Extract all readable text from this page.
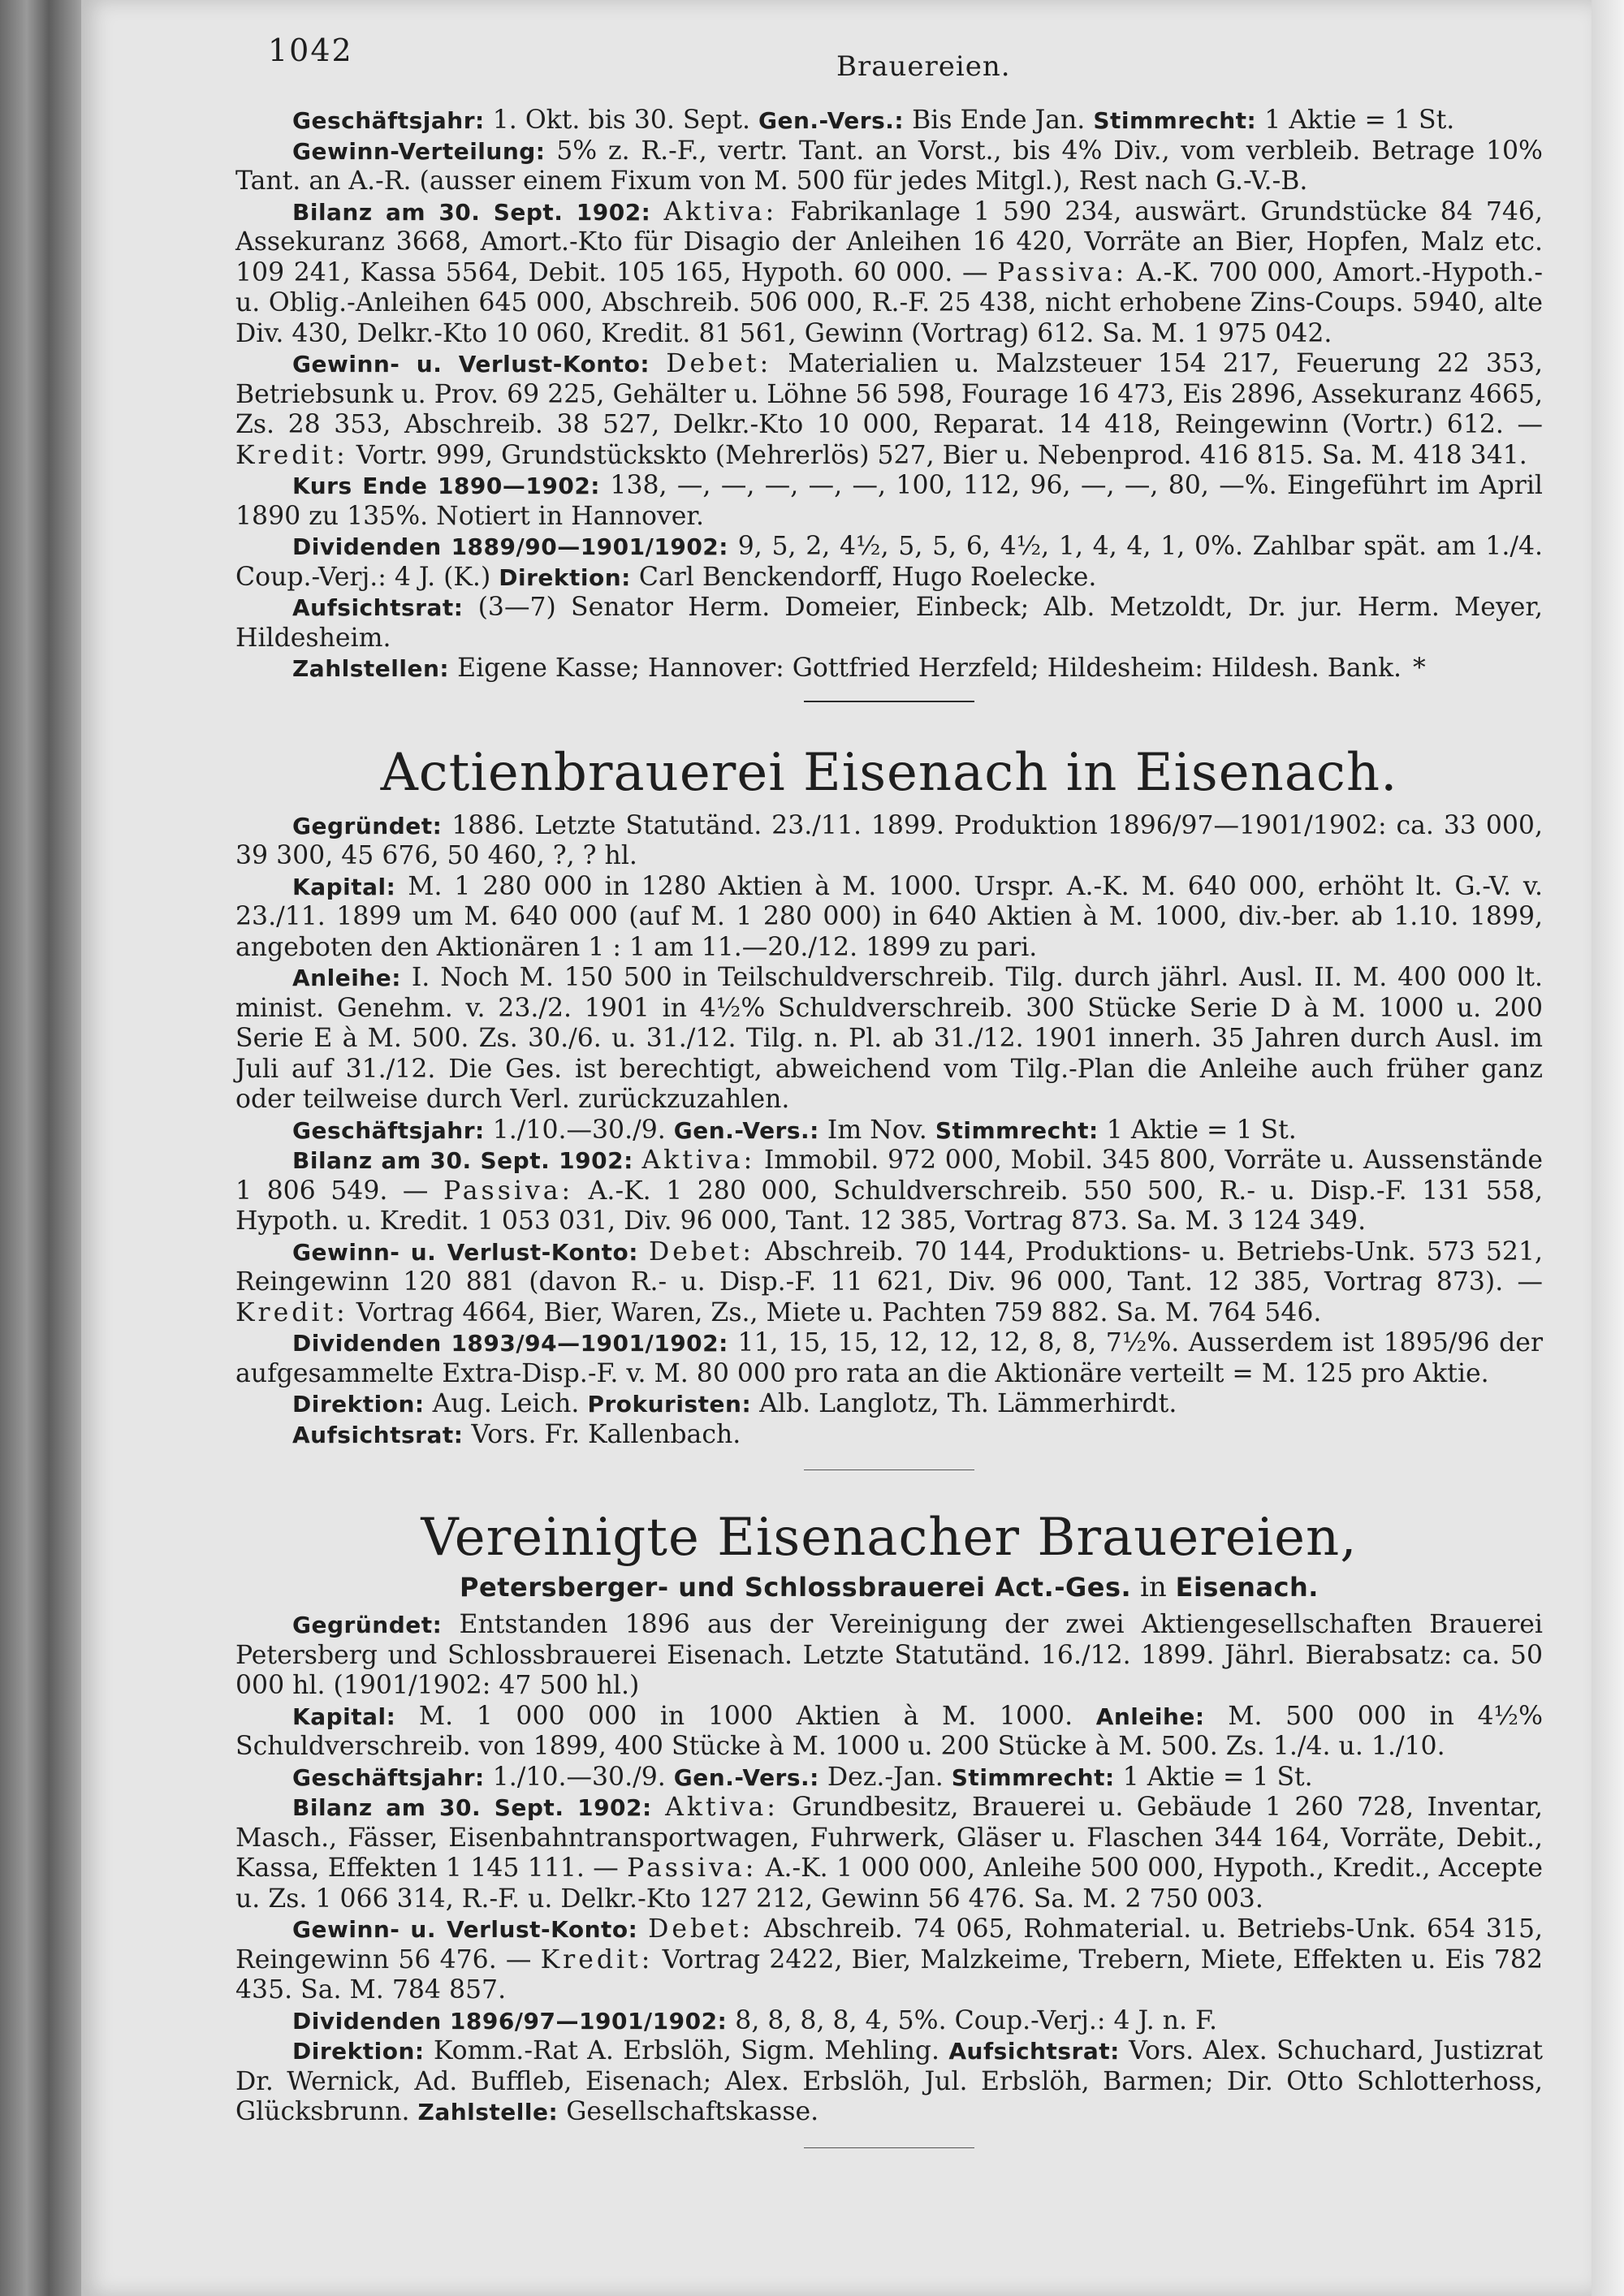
1042	Brauereien.

Geschäftsjahr: 1. Okt. bis 30. Sept. Gen.-Vers.: Bis Ende Jan. Stimmrecht: 1 Aktie = 1 St.

Gewinn-Verteilung: 5% z. R.-F., vertr. Tant. an Vorst., bis 4% Div., vom verbleib. Betrage 10% Tant. an A.-R. (ausser einem Fixum von M. 500 für jedes Mitgl.), Rest nach G.-V.-B.

Bilanz am 30. Sept. 1902: Aktiva: Fabrikanlage 1 590 234, auswärt. Grundstücke 84 746, Assekuranz 3668, Amort.-Kto für Disagio der Anleihen 16 420, Vorräte an Bier, Hopfen, Malz etc. 109 241, Kassa 5564, Debit. 105 165, Hypoth. 60 000. — Passiva: A.-K. 700 000, Amort.-Hypoth.-u. Oblig.-Anleihen 645 000, Abschreib. 506 000, R.-F. 25 438, nicht erhobene Zins-Coups. 5940, alte Div. 430, Delkr.-Kto 10 060, Kredit. 81 561, Gewinn (Vortrag) 612. Sa. M. 1 975 042.

Gewinn- u. Verlust-Konto: Debet: Materialien u. Malzsteuer 154 217, Feuerung 22 353, Betriebsunk u. Prov. 69 225, Gehälter u. Löhne 56 598, Fourage 16 473, Eis 2896, Assekuranz 4665, Zs. 28 353, Abschreib. 38 527, Delkr.-Kto 10 000, Reparat. 14 418, Reingewinn (Vortr.) 612. — Kredit: Vortr. 999, Grundstückskto (Mehrerlös) 527, Bier u. Nebenprod. 416 815. Sa. M. 418 341.

Kurs Ende 1890—1902: 138, —, —, —, —, —, 100, 112, 96, —, —, 80, —%. Eingeführt im April 1890 zu 135%. Notiert in Hannover.

Dividenden 1889/90—1901/1902: 9, 5, 2, 4½, 5, 5, 6, 4½, 1, 4, 4, 1, 0%. Zahlbar spät. am 1./4. Coup.-Verj.: 4 J. (K.) Direktion: Carl Benckendorff, Hugo Roelecke.

Aufsichtsrat: (3—7) Senator Herm. Domeier, Einbeck; Alb. Metzoldt, Dr. jur. Herm. Meyer, Hildesheim.

Zahlstellen: Eigene Kasse; Hannover: Gottfried Herzfeld; Hildesheim: Hildesh. Bank. *

Actienbrauerei Eisenach in Eisenach.

Gegründet: 1886. Letzte Statutänd. 23./11. 1899. Produktion 1896/97—1901/1902: ca. 33 000, 39 300, 45 676, 50 460, ?, ? hl.

Kapital: M. 1 280 000 in 1280 Aktien à M. 1000. Urspr. A.-K. M. 640 000, erhöht lt. G.-V. v. 23./11. 1899 um M. 640 000 (auf M. 1 280 000) in 640 Aktien à M. 1000, div.-ber. ab 1.10. 1899, angeboten den Aktionären 1 : 1 am 11.—20./12. 1899 zu pari.

Anleihe: I. Noch M. 150 500 in Teilschuldverschreib. Tilg. durch jährl. Ausl. II. M. 400 000 lt. minist. Genehm. v. 23./2. 1901 in 4½% Schuldverschreib. 300 Stücke Serie D à M. 1000 u. 200 Serie E à M. 500. Zs. 30./6. u. 31./12. Tilg. n. Pl. ab 31./12. 1901 innerh. 35 Jahren durch Ausl. im Juli auf 31./12. Die Ges. ist berechtigt, abweichend vom Tilg.-Plan die Anleihe auch früher ganz oder teilweise durch Verl. zurückzuzahlen.

Geschäftsjahr: 1./10.—30./9. Gen.-Vers.: Im Nov. Stimmrecht: 1 Aktie = 1 St.

Bilanz am 30. Sept. 1902: Aktiva: Immobil. 972 000, Mobil. 345 800, Vorräte u. Aussenstände 1 806 549. — Passiva: A.-K. 1 280 000, Schuldverschreib. 550 500, R.- u. Disp.-F. 131 558, Hypoth. u. Kredit. 1 053 031, Div. 96 000, Tant. 12 385, Vortrag 873. Sa. M. 3 124 349.

Gewinn- u. Verlust-Konto: Debet: Abschreib. 70 144, Produktions- u. Betriebs-Unk. 573 521, Reingewinn 120 881 (davon R.- u. Disp.-F. 11 621, Div. 96 000, Tant. 12 385, Vortrag 873). — Kredit: Vortrag 4664, Bier, Waren, Zs., Miete u. Pachten 759 882. Sa. M. 764 546.

Dividenden 1893/94—1901/1902: 11, 15, 15, 12, 12, 12, 8, 8, 7½%. Ausserdem ist 1895/96 der aufgesammelte Extra-Disp.-F. v. M. 80 000 pro rata an die Aktionäre verteilt = M. 125 pro Aktie.

Direktion: Aug. Leich. Prokuristen: Alb. Langlotz, Th. Lämmerhirdt.

Aufsichtsrat: Vors. Fr. Kallenbach.

Vereinigte Eisenacher Brauereien,

Petersberger- und Schlossbrauerei Act.-Ges. in Eisenach.

Gegründet: Entstanden 1896 aus der Vereinigung der zwei Aktiengesellschaften Brauerei Petersberg und Schlossbrauerei Eisenach. Letzte Statutänd. 16./12. 1899. Jährl. Bierabsatz: ca. 50 000 hl. (1901/1902: 47 500 hl.)

Kapital: M. 1 000 000 in 1000 Aktien à M. 1000. Anleihe: M. 500 000 in 4½% Schuldverschreib. von 1899, 400 Stücke à M. 1000 u. 200 Stücke à M. 500. Zs. 1./4. u. 1./10.

Geschäftsjahr: 1./10.—30./9. Gen.-Vers.: Dez.-Jan. Stimmrecht: 1 Aktie = 1 St.

Bilanz am 30. Sept. 1902: Aktiva: Grundbesitz, Brauerei u. Gebäude 1 260 728, Inventar, Masch., Fässer, Eisenbahntransportwagen, Fuhrwerk, Gläser u. Flaschen 344 164, Vorräte, Debit., Kassa, Effekten 1 145 111. — Passiva: A.-K. 1 000 000, Anleihe 500 000, Hypoth., Kredit., Accepte u. Zs. 1 066 314, R.-F. u. Delkr.-Kto 127 212, Gewinn 56 476. Sa. M. 2 750 003.

Gewinn- u. Verlust-Konto: Debet: Abschreib. 74 065, Rohmaterial. u. Betriebs-Unk. 654 315, Reingewinn 56 476. — Kredit: Vortrag 2422, Bier, Malzkeime, Trebern, Miete, Effekten u. Eis 782 435. Sa. M. 784 857.

Dividenden 1896/97—1901/1902: 8, 8, 8, 8, 4, 5%. Coup.-Verj.: 4 J. n. F.

Direktion: Komm.-Rat A. Erbslöh, Sigm. Mehling. Aufsichtsrat: Vors. Alex. Schuchard, Justizrat Dr. Wernick, Ad. Buffleb, Eisenach; Alex. Erbslöh, Jul. Erbslöh, Barmen; Dir. Otto Schlotterhoss, Glücksbrunn. Zahlstelle: Gesellschaftskasse.
